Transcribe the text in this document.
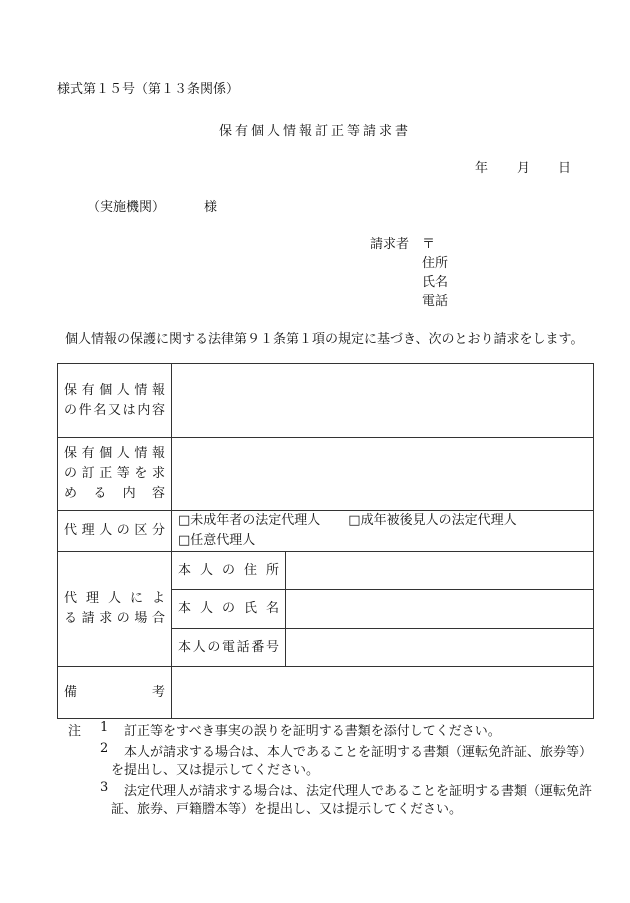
様式第１５号（第１３条関係）
保有個人情報訂正等請求書
年 月 日
（実施機関）	様
請求者 〒
住所
氏名
電話
個人情報の保護に関する法律第９１条第１項の規定に基づき、次のとおり請求をします。
保有個人情報
の件名又は内容		

保有個人情報
の訂正等を求
める内容		

代理人の区分	□未成年者の法定代理人 □成年被後見人の法定代理人
□任意代理人	

代理人によ
る請求の場合	本人の住所	
	本人の氏名	
	本人の電話番号	

備 考		

注 1 訂正等をすべき事実の誤りを証明する書類を添付してください。
2 本人が請求する場合は、本人であることを証明する書類（運転免許証、旅券等）
を提出し、又は提示してください。
3 法定代理人が請求する場合は、法定代理人であることを証明する書類（運転免許
証、旅券、戸籍謄本等）を提出し、又は提示してください。
